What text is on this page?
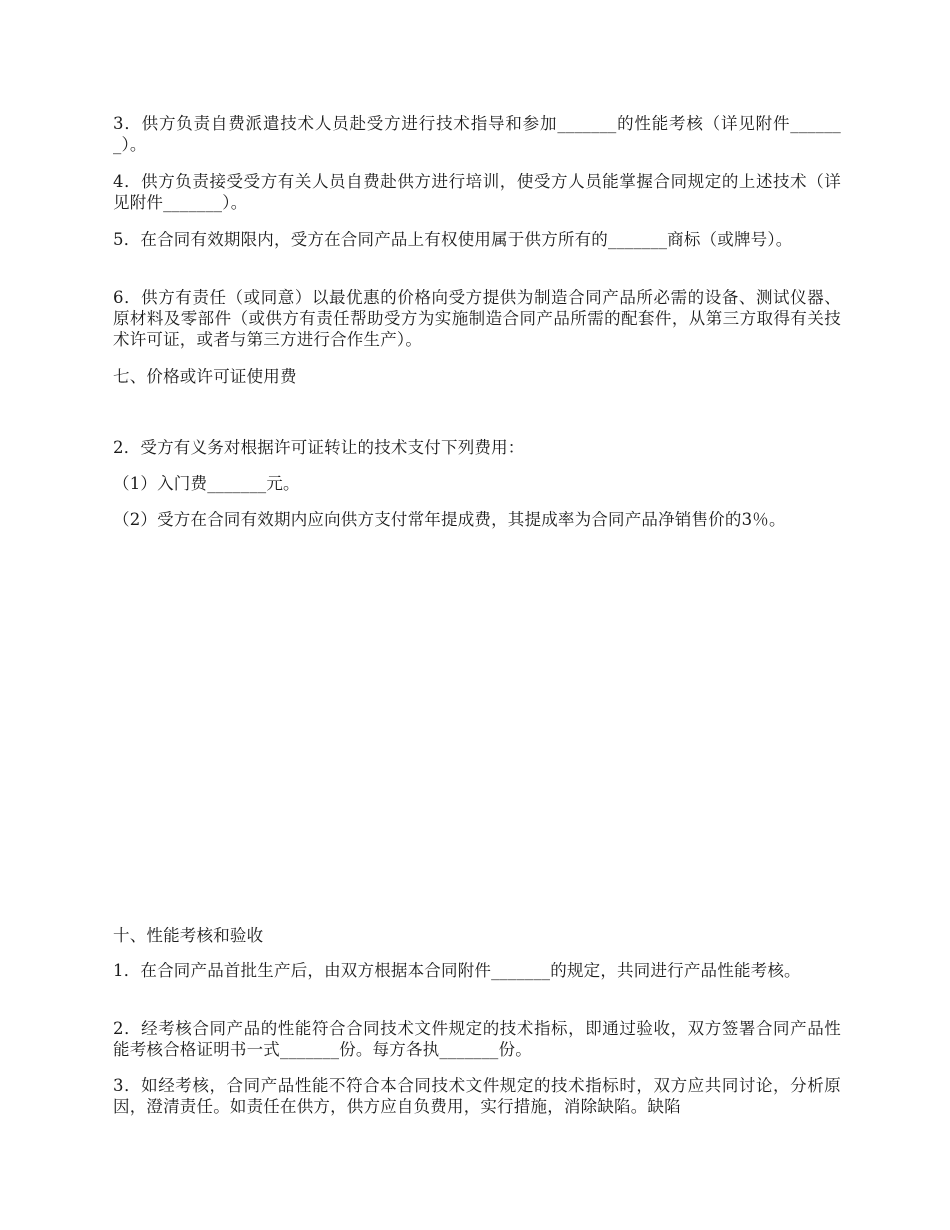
3．供方负责自费派遣技术人员赴受方进行技术指导和参加_______的性能考核（详见附件_______）。

4．供方负责接受受方有关人员自费赴供方进行培训，使受方人员能掌握合同规定的上述技术（详见附件_______）。

5．在合同有效期限内，受方在合同产品上有权使用属于供方所有的_______商标（或牌号）。

6．供方有责任（或同意）以最优惠的价格向受方提供为制造合同产品所必需的设备、测试仪器、原材料及零部件（或供方有责任帮助受方为实施制造合同产品所需的配套件，从第三方取得有关技术许可证，或者与第三方进行合作生产）。

七、价格或许可证使用费

2．受方有义务对根据许可证转让的技术支付下列费用：

（1）入门费_______元。

（2）受方在合同有效期内应向供方支付常年提成费，其提成率为合同产品净销售价的3％。

十、性能考核和验收

1．在合同产品首批生产后，由双方根据本合同附件_______的规定，共同进行产品性能考核。

2．经考核合同产品的性能符合合同技术文件规定的技术指标，即通过验收，双方签署合同产品性能考核合格证明书一式_______份。每方各执_______份。

3．如经考核，合同产品性能不符合本合同技术文件规定的技术指标时，双方应共同讨论，分析原因，澄清责任。如责任在供方，供方应自负费用，实行措施，消除缺陷。缺陷
